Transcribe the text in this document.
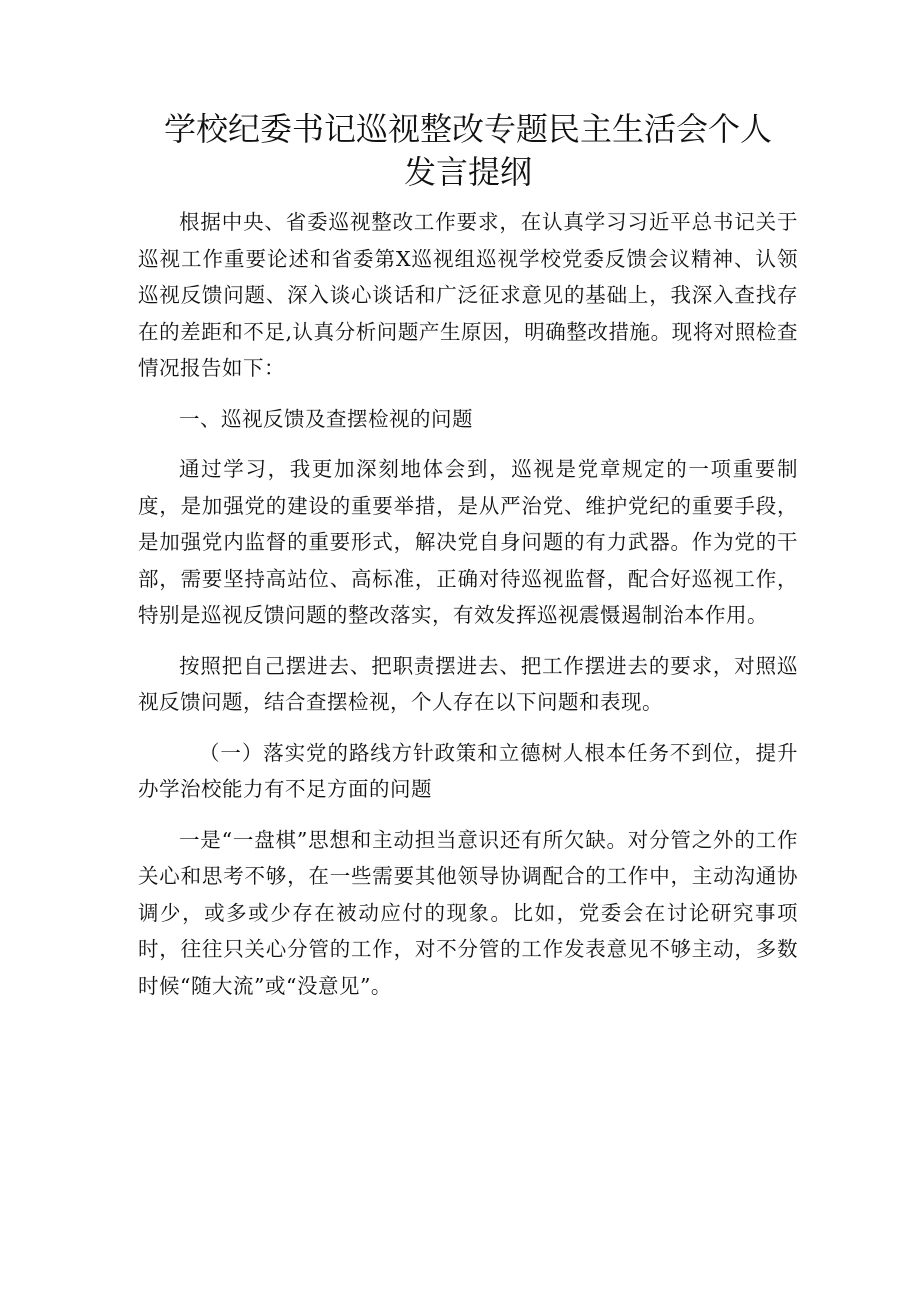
学校纪委书记巡视整改专题民主生活会个人
发言提纲

根据中央、省委巡视整改工作要求，在认真学习习近平总书记关于巡视工作重要论述和省委第X巡视组巡视学校党委反馈会议精神、认领巡视反馈问题、深入谈心谈话和广泛征求意见的基础上，我深入查找存在的差距和不足,认真分析问题产生原因，明确整改措施。现将对照检查情况报告如下：

一、巡视反馈及查摆检视的问题

通过学习，我更加深刻地体会到，巡视是党章规定的一项重要制度，是加强党的建设的重要举措，是从严治党、维护党纪的重要手段，是加强党内监督的重要形式，解决党自身问题的有力武器。作为党的干部，需要坚持高站位、高标准，正确对待巡视监督，配合好巡视工作，特别是巡视反馈问题的整改落实，有效发挥巡视震慑遏制治本作用。

按照把自己摆进去、把职责摆进去、把工作摆进去的要求，对照巡视反馈问题，结合查摆检视，个人存在以下问题和表现。

（一）落实党的路线方针政策和立德树人根本任务不到位，提升办学治校能力有不足方面的问题

一是“一盘棋”思想和主动担当意识还有所欠缺。对分管之外的工作关心和思考不够，在一些需要其他领导协调配合的工作中，主动沟通协调少，或多或少存在被动应付的现象。比如，党委会在讨论研究事项时，往往只关心分管的工作，对不分管的工作发表意见不够主动，多数时候“随大流”或“没意见”。
